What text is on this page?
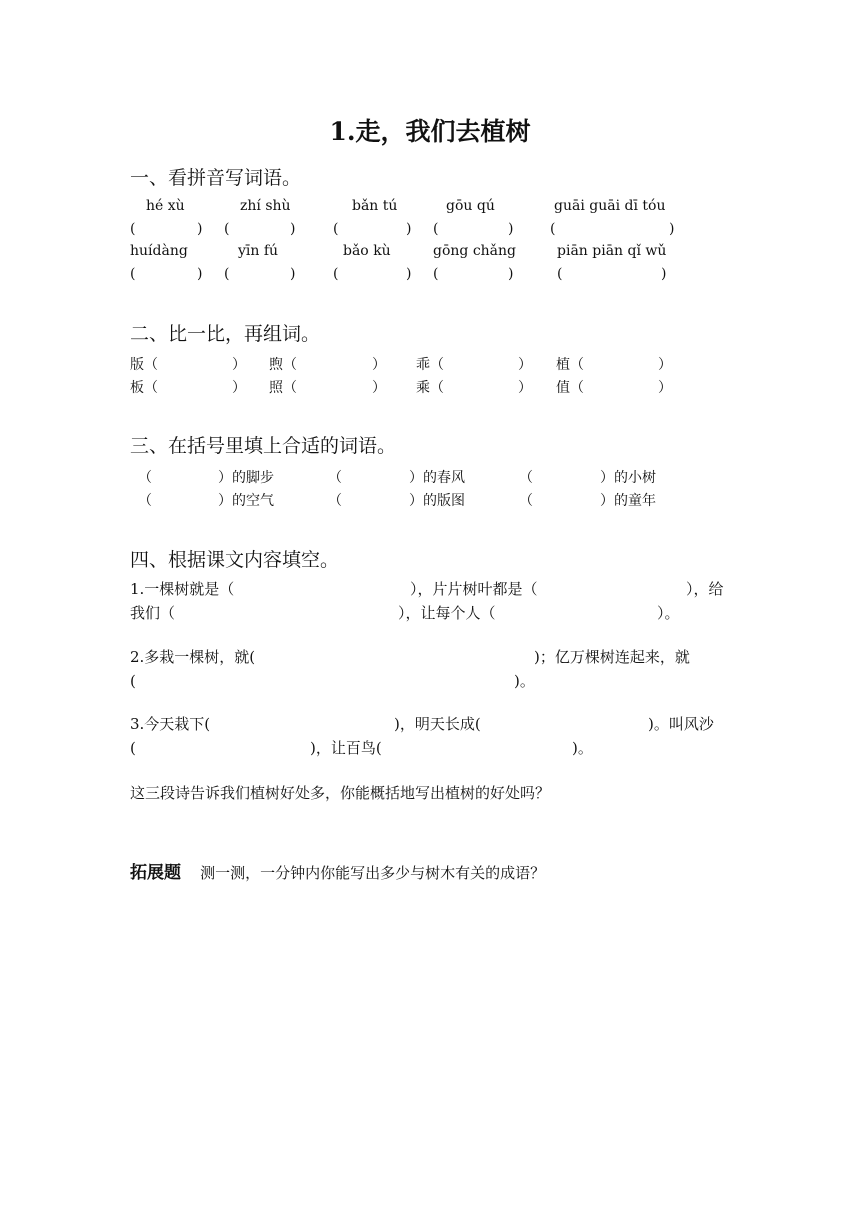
1.走，我们去植树
一、看拼音写词语。
hé xù	zhí shù	bǎn tú	gōu qú	guāi guāi dī tóu
(	) (	)	(	) (	)	(	)
huídàng	yīn fú	bǎo kù	gōng chǎng	piān piān qǐ wǔ
(	) (	)	(	) (	)	(	)
二、比一比，再组词。
版（	） 煦（	） 乖（	） 植（	）
板（	） 照（	） 乘（	） 值（	）
三、在括号里填上合适的词语。
（	）的脚步	（	）的春风	（	）的小树
（	）的空气	（	）的版图	（	）的童年
四、根据课文内容填空。
1.一棵树就是（	），片片树叶都是（	），给
我们（	），让每个人（	）。
2.多栽一棵树，就(	)；亿万棵树连起来，就
(	)。
3.今天栽下(	)，明天长成(	)。叫风沙
(	)，让百鸟(	)。
这三段诗告诉我们植树好处多，你能概括地写出植树的好处吗？
拓展题 测一测，一分钟内你能写出多少与树木有关的成语？
